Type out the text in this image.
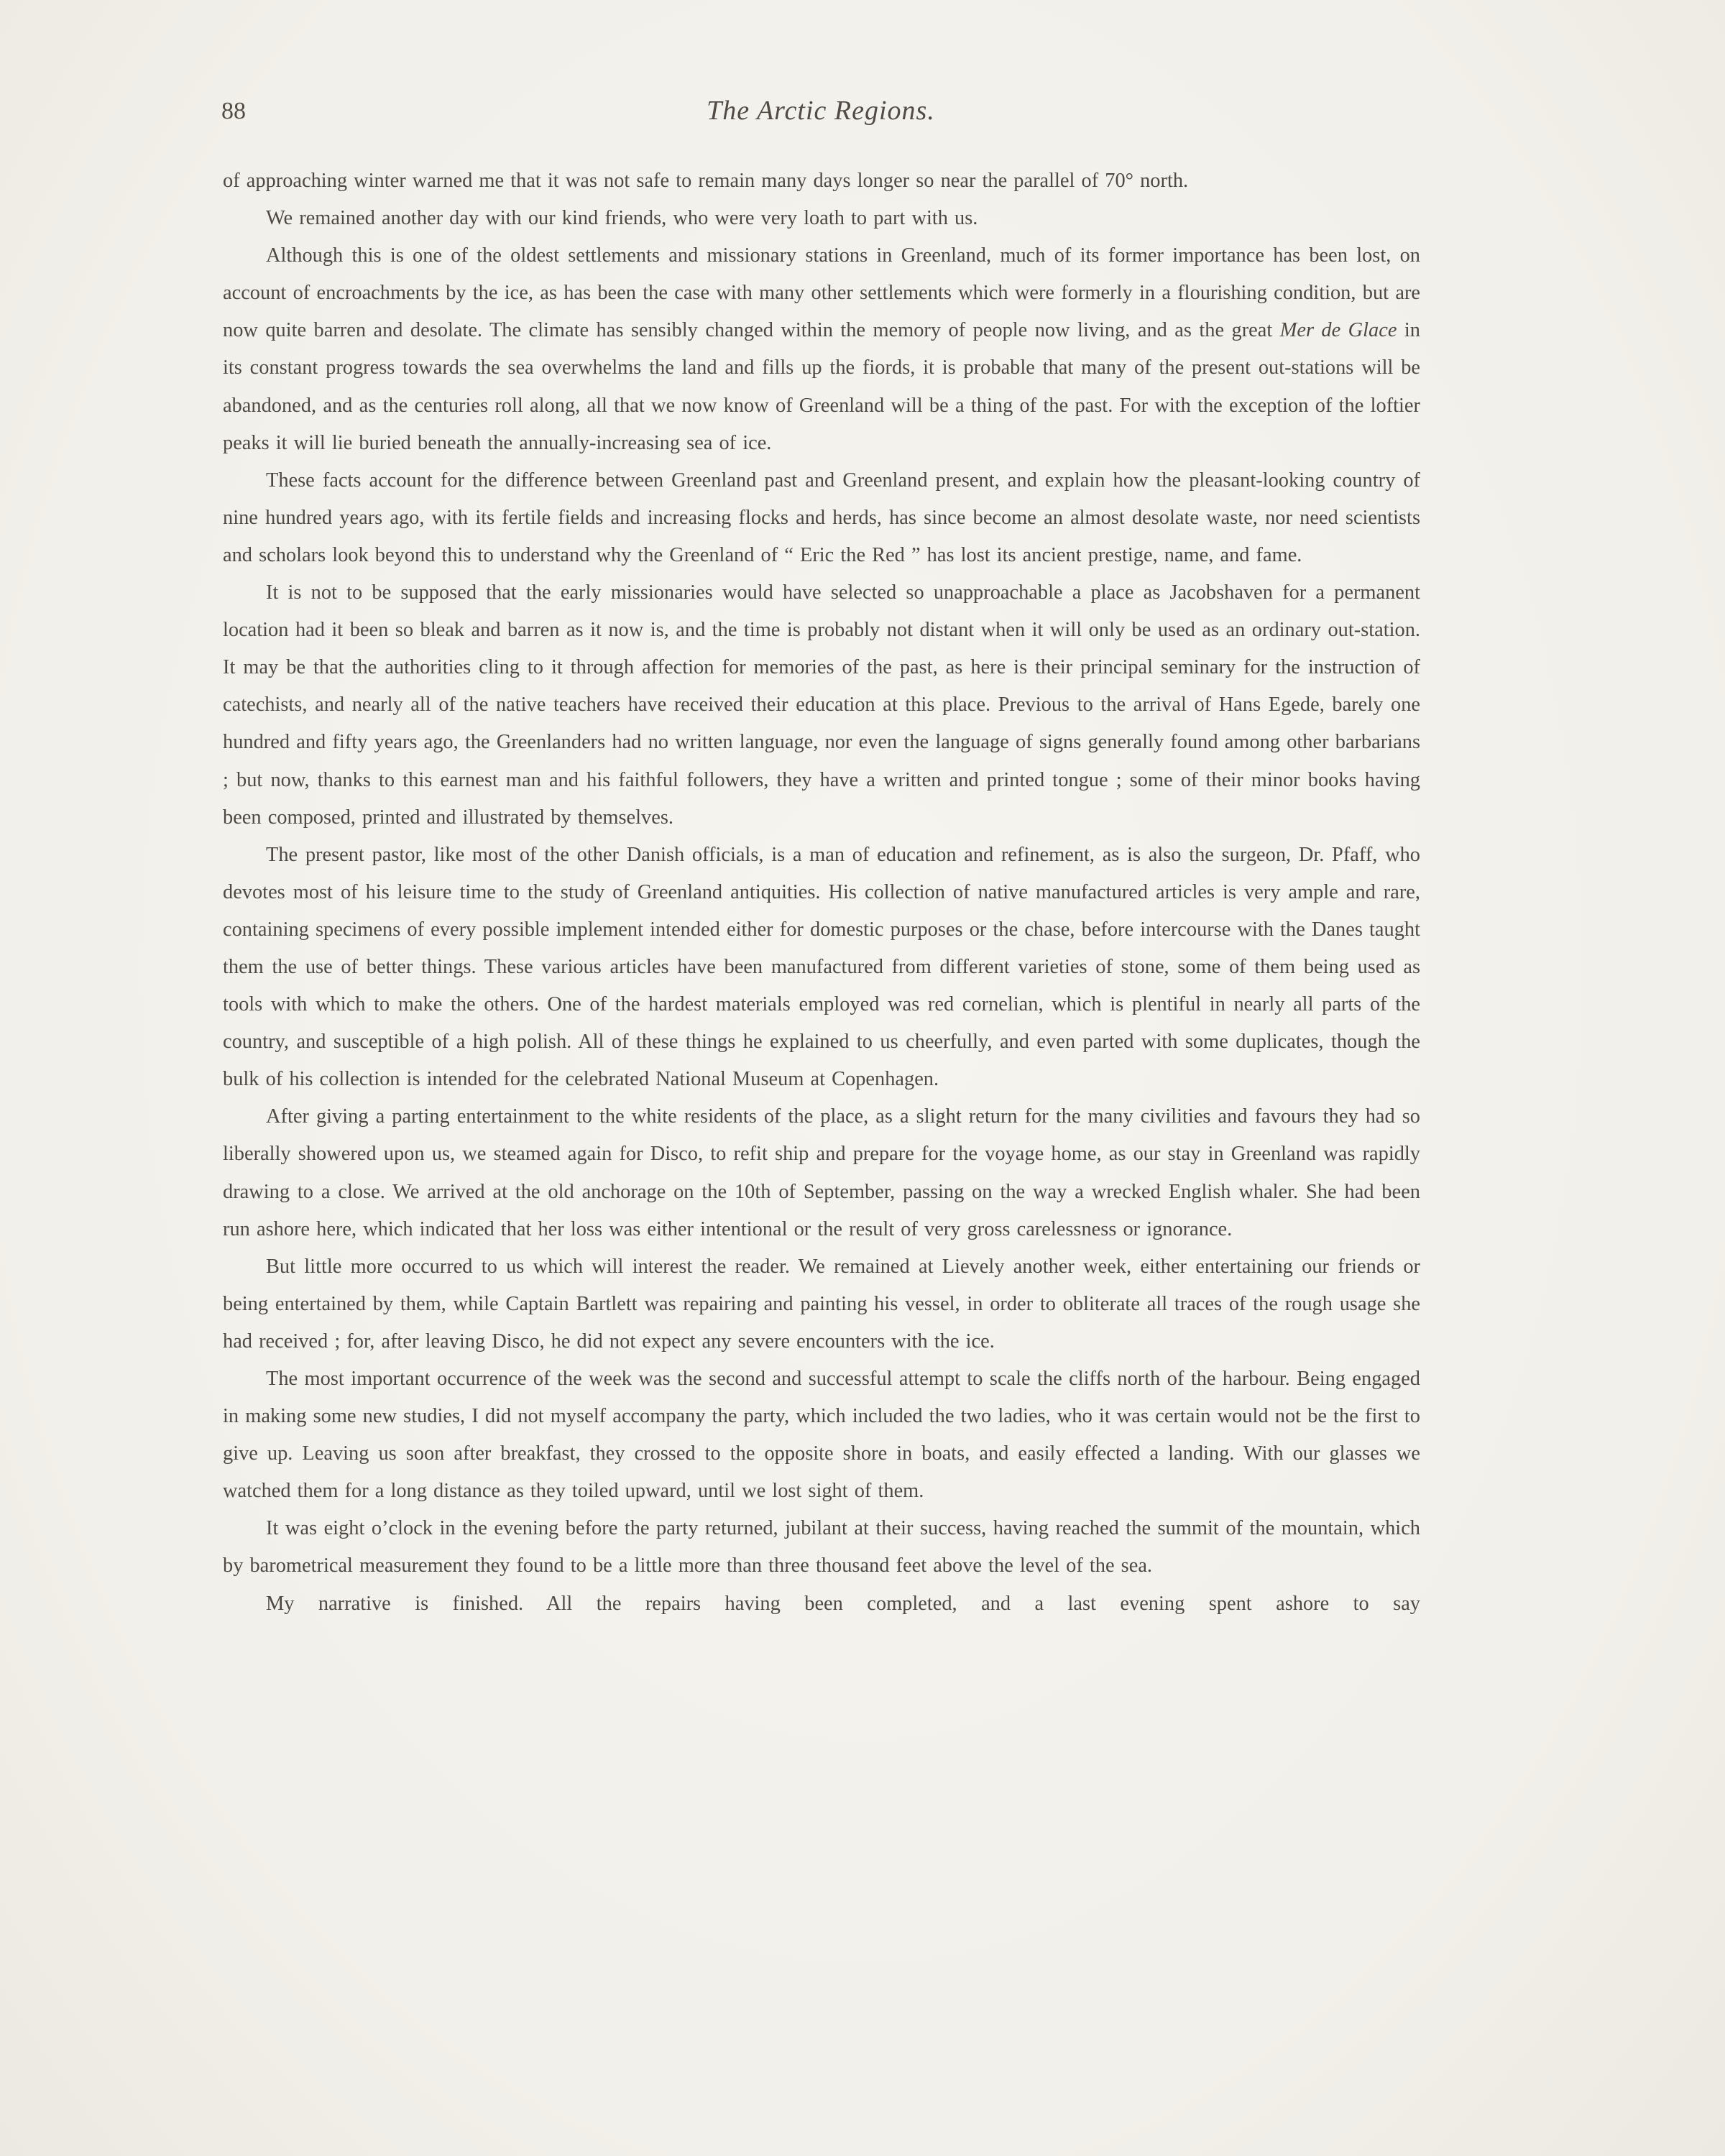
88	The Arctic Regions.

of approaching winter warned me that it was not safe to remain many days longer so near the parallel of 70° north.

We remained another day with our kind friends, who were very loath to part with us.

Although this is one of the oldest settlements and missionary stations in Greenland, much of its former importance has been lost, on account of encroachments by the ice, as has been the case with many other settlements which were formerly in a flourishing condition, but are now quite barren and desolate. The climate has sensibly changed within the memory of people now living, and as the great Mer de Glace in its constant progress towards the sea overwhelms the land and fills up the fiords, it is probable that many of the present out-stations will be abandoned, and as the centuries roll along, all that we now know of Greenland will be a thing of the past. For with the exception of the loftier peaks it will lie buried beneath the annually-increasing sea of ice.

These facts account for the difference between Greenland past and Greenland present, and explain how the pleasant-looking country of nine hundred years ago, with its fertile fields and increasing flocks and herds, has since become an almost desolate waste, nor need scientists and scholars look beyond this to understand why the Greenland of “ Eric the Red ” has lost its ancient prestige, name, and fame.

It is not to be supposed that the early missionaries would have selected so unapproachable a place as Jacobshaven for a permanent location had it been so bleak and barren as it now is, and the time is probably not distant when it will only be used as an ordinary out-station. It may be that the authorities cling to it through affection for memories of the past, as here is their principal seminary for the instruction of catechists, and nearly all of the native teachers have received their education at this place. Previous to the arrival of Hans Egede, barely one hundred and fifty years ago, the Greenlanders had no written language, nor even the language of signs generally found among other barbarians ; but now, thanks to this earnest man and his faithful followers, they have a written and printed tongue ; some of their minor books having been composed, printed and illustrated by themselves.

The present pastor, like most of the other Danish officials, is a man of education and refinement, as is also the surgeon, Dr. Pfaff, who devotes most of his leisure time to the study of Greenland antiquities. His collection of native manufactured articles is very ample and rare, containing specimens of every possible implement intended either for domestic purposes or the chase, before intercourse with the Danes taught them the use of better things. These various articles have been manufactured from different varieties of stone, some of them being used as tools with which to make the others. One of the hardest materials employed was red cornelian, which is plentiful in nearly all parts of the country, and susceptible of a high polish. All of these things he explained to us cheerfully, and even parted with some duplicates, though the bulk of his collection is intended for the celebrated National Museum at Copenhagen.

After giving a parting entertainment to the white residents of the place, as a slight return for the many civilities and favours they had so liberally showered upon us, we steamed again for Disco, to refit ship and prepare for the voyage home, as our stay in Greenland was rapidly drawing to a close. We arrived at the old anchorage on the 10th of September, passing on the way a wrecked English whaler. She had been run ashore here, which indicated that her loss was either intentional or the result of very gross carelessness or ignorance.

But little more occurred to us which will interest the reader. We remained at Lievely another week, either entertaining our friends or being entertained by them, while Captain Bartlett was repairing and painting his vessel, in order to obliterate all traces of the rough usage she had received ; for, after leaving Disco, he did not expect any severe encounters with the ice.

The most important occurrence of the week was the second and successful attempt to scale the cliffs north of the harbour. Being engaged in making some new studies, I did not myself accompany the party, which included the two ladies, who it was certain would not be the first to give up. Leaving us soon after breakfast, they crossed to the opposite shore in boats, and easily effected a landing. With our glasses we watched them for a long distance as they toiled upward, until we lost sight of them.

It was eight o’clock in the evening before the party returned, jubilant at their success, having reached the summit of the mountain, which by barometrical measurement they found to be a little more than three thousand feet above the level of the sea.

My narrative is finished. All the repairs having been completed, and a last evening spent ashore to say
